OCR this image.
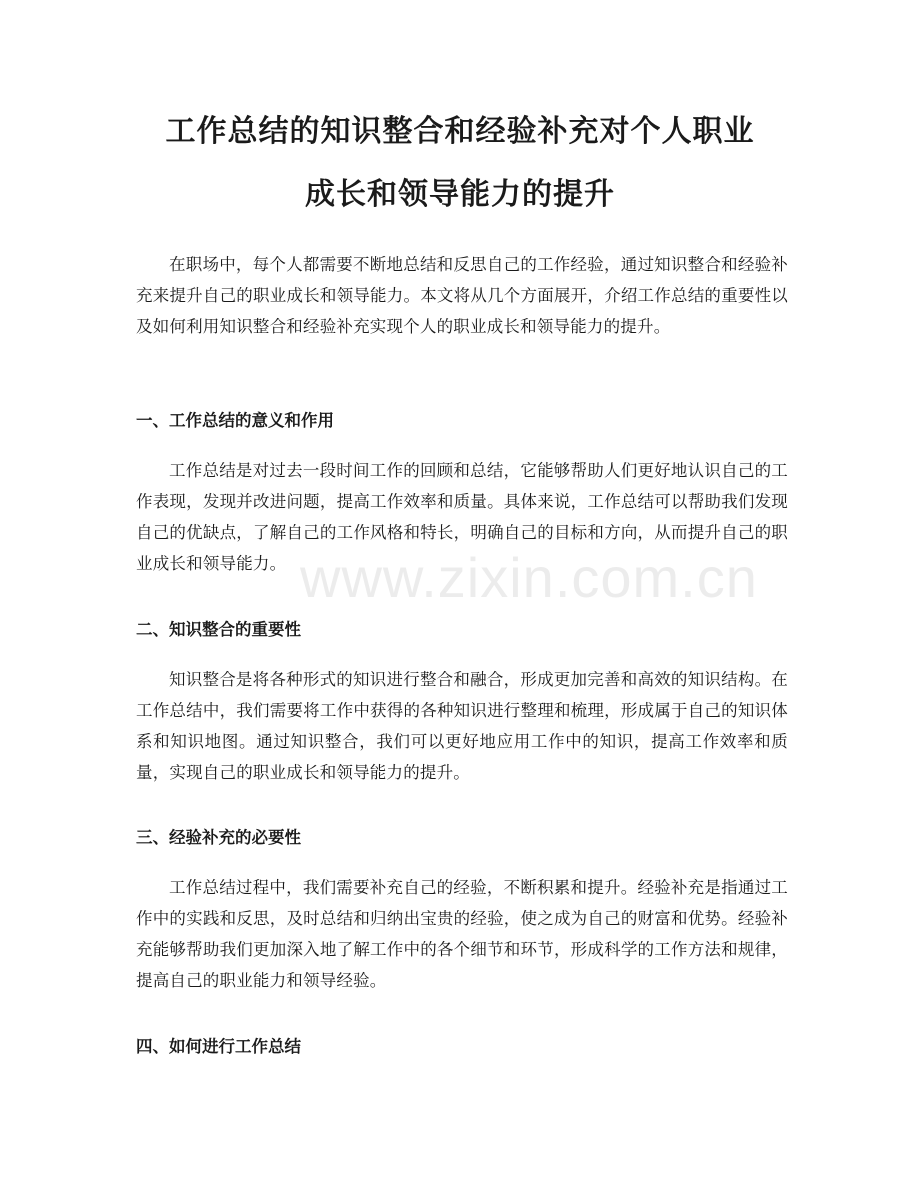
工作总结的知识整合和经验补充对个人职业
成长和领导能力的提升

在职场中，每个人都需要不断地总结和反思自己的工作经验，通过知识整合和经验补充来提升自己的职业成长和领导能力。本文将从几个方面展开，介绍工作总结的重要性以及如何利用知识整合和经验补充实现个人的职业成长和领导能力的提升。

一、工作总结的意义和作用

工作总结是对过去一段时间工作的回顾和总结，它能够帮助人们更好地认识自己的工作表现，发现并改进问题，提高工作效率和质量。具体来说，工作总结可以帮助我们发现自己的优缺点，了解自己的工作风格和特长，明确自己的目标和方向，从而提升自己的职业成长和领导能力。

二、知识整合的重要性

知识整合是将各种形式的知识进行整合和融合，形成更加完善和高效的知识结构。在工作总结中，我们需要将工作中获得的各种知识进行整理和梳理，形成属于自己的知识体系和知识地图。通过知识整合，我们可以更好地应用工作中的知识，提高工作效率和质量，实现自己的职业成长和领导能力的提升。

三、经验补充的必要性

工作总结过程中，我们需要补充自己的经验，不断积累和提升。经验补充是指通过工作中的实践和反思，及时总结和归纳出宝贵的经验，使之成为自己的财富和优势。经验补充能够帮助我们更加深入地了解工作中的各个细节和环节，形成科学的工作方法和规律，提高自己的职业能力和领导经验。

四、如何进行工作总结
www.zixin.com.cn
